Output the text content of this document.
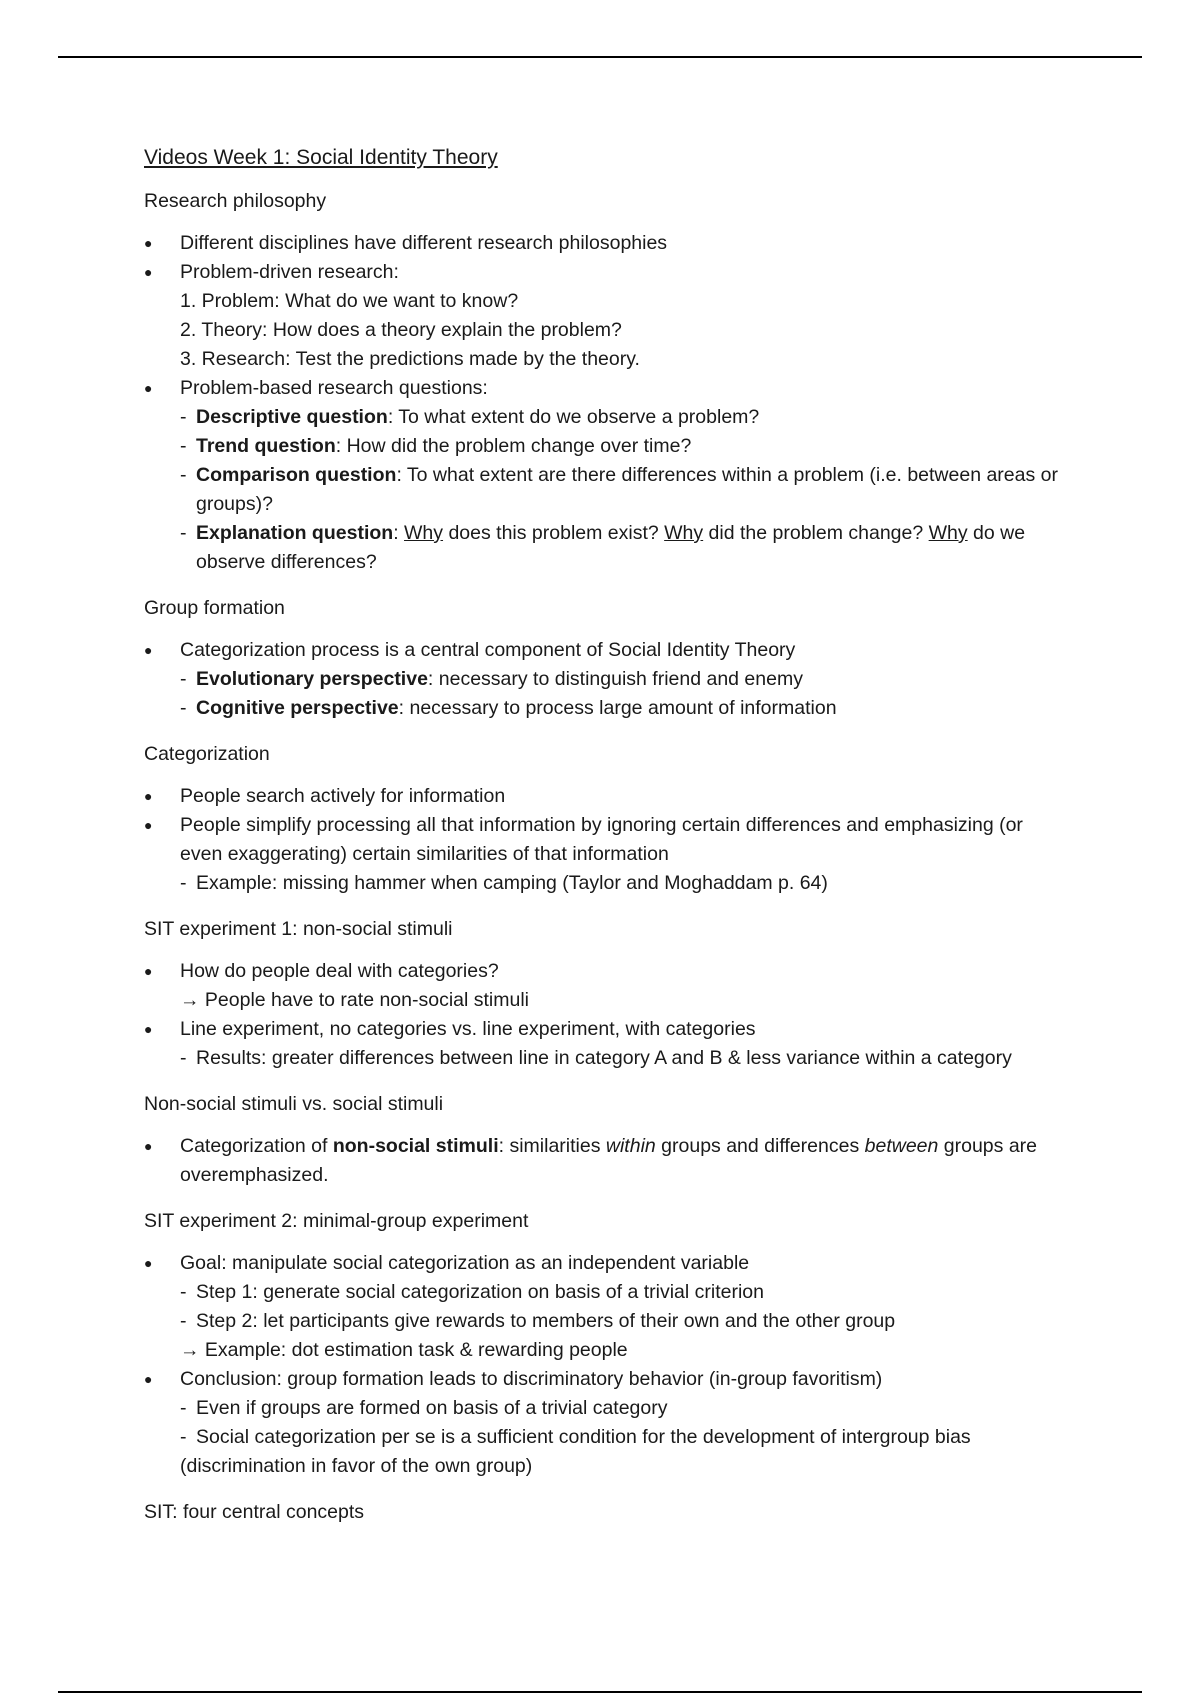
Videos Week 1: Social Identity Theory
Research philosophy
● Different disciplines have different research philosophies
● Problem-driven research:
1. Problem: What do we want to know?
2. Theory: How does a theory explain the problem?
3. Research: Test the predictions made by the theory.
● Problem-based research questions:
- Descriptive question: To what extent do we observe a problem?
- Trend question: How did the problem change over time?
- Comparison question: To what extent are there differences within a problem (i.e. between areas or groups)?
- Explanation question: Why does this problem exist? Why did the problem change? Why do we observe differences?
Group formation
● Categorization process is a central component of Social Identity Theory
- Evolutionary perspective: necessary to distinguish friend and enemy
- Cognitive perspective: necessary to process large amount of information
Categorization
● People search actively for information
● People simplify processing all that information by ignoring certain differences and emphasizing (or even exaggerating) certain similarities of that information
- Example: missing hammer when camping (Taylor and Moghaddam p. 64)
SIT experiment 1: non-social stimuli
● How do people deal with categories?
→ People have to rate non-social stimuli
● Line experiment, no categories vs. line experiment, with categories
- Results: greater differences between line in category A and B & less variance within a category
Non-social stimuli vs. social stimuli
● Categorization of non-social stimuli: similarities within groups and differences between groups are overemphasized.
SIT experiment 2: minimal-group experiment
● Goal: manipulate social categorization as an independent variable
- Step 1: generate social categorization on basis of a trivial criterion
- Step 2: let participants give rewards to members of their own and the other group
→ Example: dot estimation task & rewarding people
● Conclusion: group formation leads to discriminatory behavior (in-group favoritism)
- Even if groups are formed on basis of a trivial category
- Social categorization per se is a sufficient condition for the development of intergroup bias
(discrimination in favor of the own group)
SIT: four central concepts
